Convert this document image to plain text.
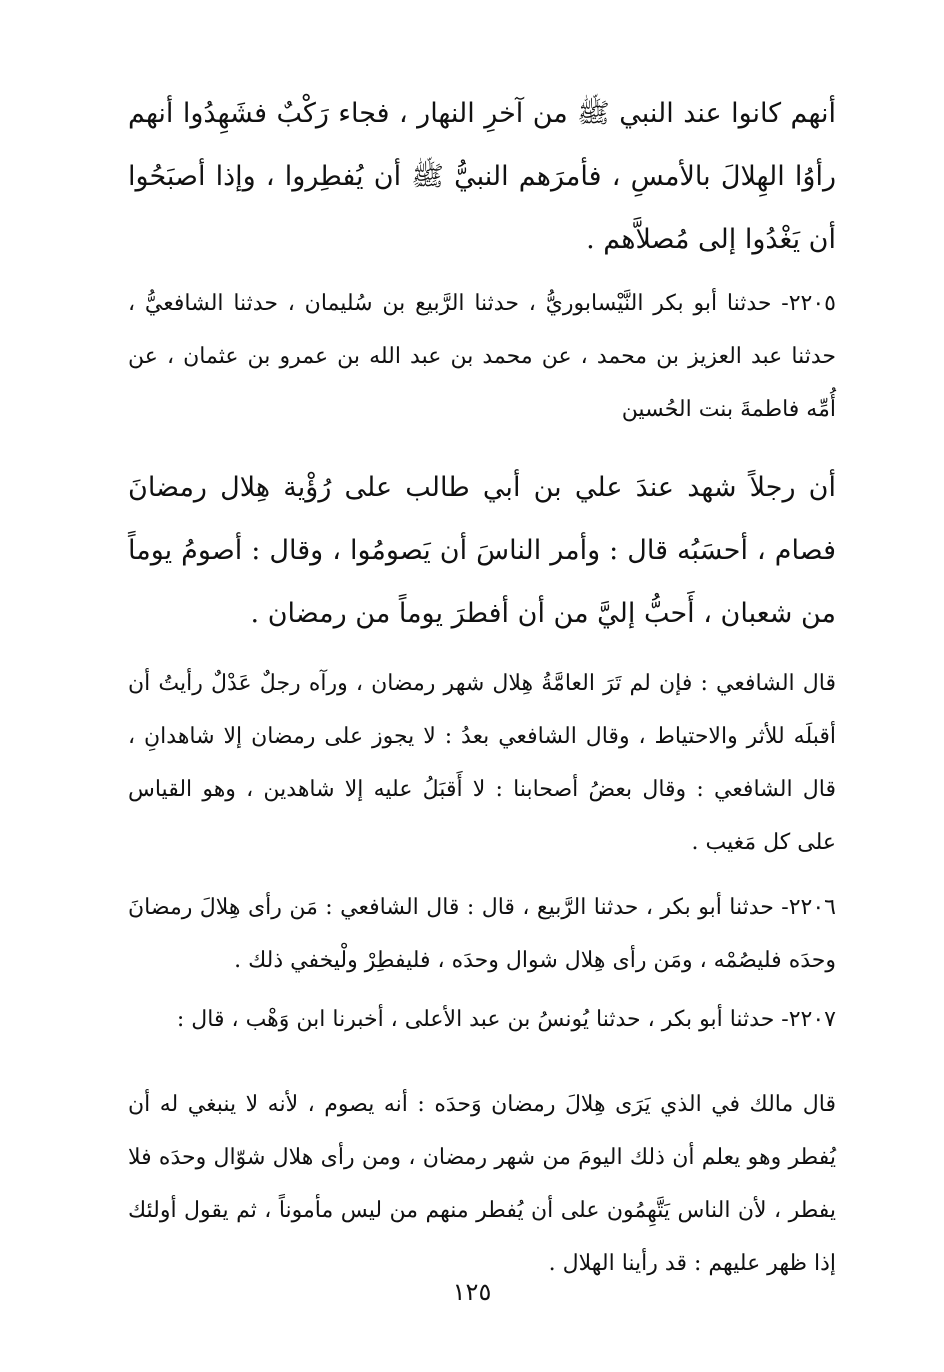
أنهم كانوا عند النبي ﷺ من آخرِ النهار ، فجاء رَكْبٌ فشَهِدُوا أنهم رأوُا الهِلالَ بالأمسِ ، فأمرَهم النبيُّ ﷺ أن يُفطِروا ، وإذا أصبَحُوا أن يَغْدُوا إلى مُصلاَّهم .

٢٢٠٥- حدثنا أبو بكر النَّيْسابوريُّ ، حدثنا الرَّبيع بن سُليمان ، حدثنا الشافعيُّ ، حدثنا عبد العزيز بن محمد ، عن محمد بن عبد الله بن عمرو بن عثمان ، عن أُمِّه فاطمةَ بنت الحُسين

أن رجلاً شهد عندَ علي بن أبي طالب على رُؤْية هِلال رمضانَ فصام ، أحسَبُه قال : وأمر الناسَ أن يَصومُوا ، وقال : أصومُ يوماً من شعبان ، أَحبُّ إليَّ من أن أفطرَ يوماً من رمضان .

قال الشافعي : فإن لم تَرَ العامَّةُ هِلال شهر رمضان ، ورآه رجلٌ عَدْلٌ رأيتُ أن أقبلَه للأثر والاحتياط ، وقال الشافعي بعدُ : لا يجوز على رمضان إلا شاهدانِ ، قال الشافعي : وقال بعضُ أصحابنا : لا أَقبَلُ عليه إلا شاهدين ، وهو القياس على كل مَغيب .

٢٢٠٦- حدثنا أبو بكر ، حدثنا الرَّبيع ، قال : قال الشافعي : مَن رأى هِلالَ رمضانَ وحدَه فليصُمْه ، ومَن رأى هِلال شوال وحدَه ، فليفطِرْ ولْيخفي ذلك .

٢٢٠٧- حدثنا أبو بكر ، حدثنا يُونسُ بن عبد الأعلى ، أخبرنا ابن وَهْب ، قال :

قال مالك في الذي يَرَى هِلالَ رمضان وَحدَه : أنه يصوم ، لأنه لا ينبغي له أن يُفطر وهو يعلم أن ذلك اليومَ من شهر رمضان ، ومن رأى هلال شوّال وحدَه فلا يفطر ، لأن الناس يَتَّهِمُون على أن يُفطر منهم من ليس مأموناً ، ثم يقول أولئك إذا ظهر عليهم : قد رأينا الهلال .

١٢٥
